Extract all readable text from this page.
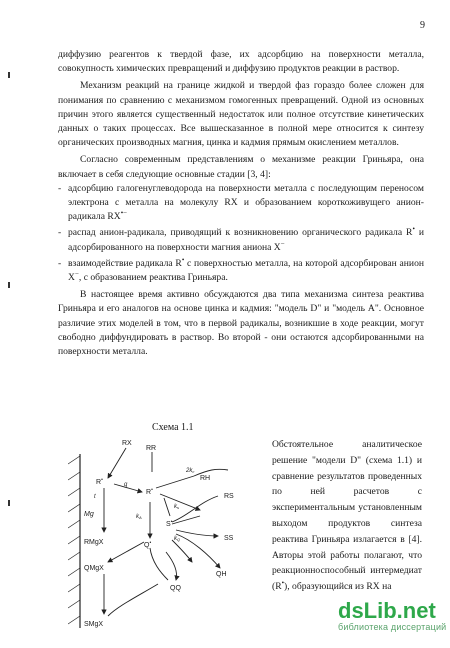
9

диффузию реагентов к твердой фазе, их адсорбцию на поверхности металла, совокупность химических превращений и диффузию продуктов реакции в раствор.

Механизм реакций на границе жидкой и твердой фаз гораздо более сложен для понимания по сравнению с механизмом гомогенных превращений. Одной из основных причин этого является существенный недостаток или полное отсутствие кинетических данных о таких процессах. Все вышесказанное в полной мере относится к синтезу органических производных магния, цинка и кадмия прямым окислением металлов.

Согласно современным представлениям о механизме реакции Гриньяра, она включает в себя следующие основные стадии [3, 4]:

- адсорбцию галогенуглеводорода на поверхности металла с последующим переносом электрона с металла на молекулу RX и образованием короткоживущего анион-радикала RX•−

- распад анион-радикала, приводящий к возникновению органического радикала R• и адсорбированного на поверхности магния аниона X−

- взаимодействие радикала R• с поверхностью металла, на которой адсорбирован анион X−, с образованием реактива Гриньяра.

В настоящее время активно обсуждаются два типа механизма синтеза реактива Гриньяра и его аналогов на основе цинка и кадмия: "модель D" и "модель A". Основное различие этих моделей в том, что в первой радикалы, возникшие в ходе реакции, могут свободно диффундировать в раствор. Во второй - они остаются адсорбированными на поверхности металла.

Схема 1.1
RX
RR
R•
R•
RH
RS
SS
S•
Q•
QH
QQ
RMgX
Mg
QMgX
SMgX
t
g
2kc
ks
kQ
kA

Обстоятельное аналитическое решение "модели D" (схема 1.1) и сравнение результатов проведенных по ней расчетов с экспериментальным установленным выходом продуктов синтеза реактива Гриньяра излагается в [4]. Авторы этой работы полагают, что реакционноспособный интермедиат (R•), образующийся из RX на

dsLib.net
библиотека диссертаций
